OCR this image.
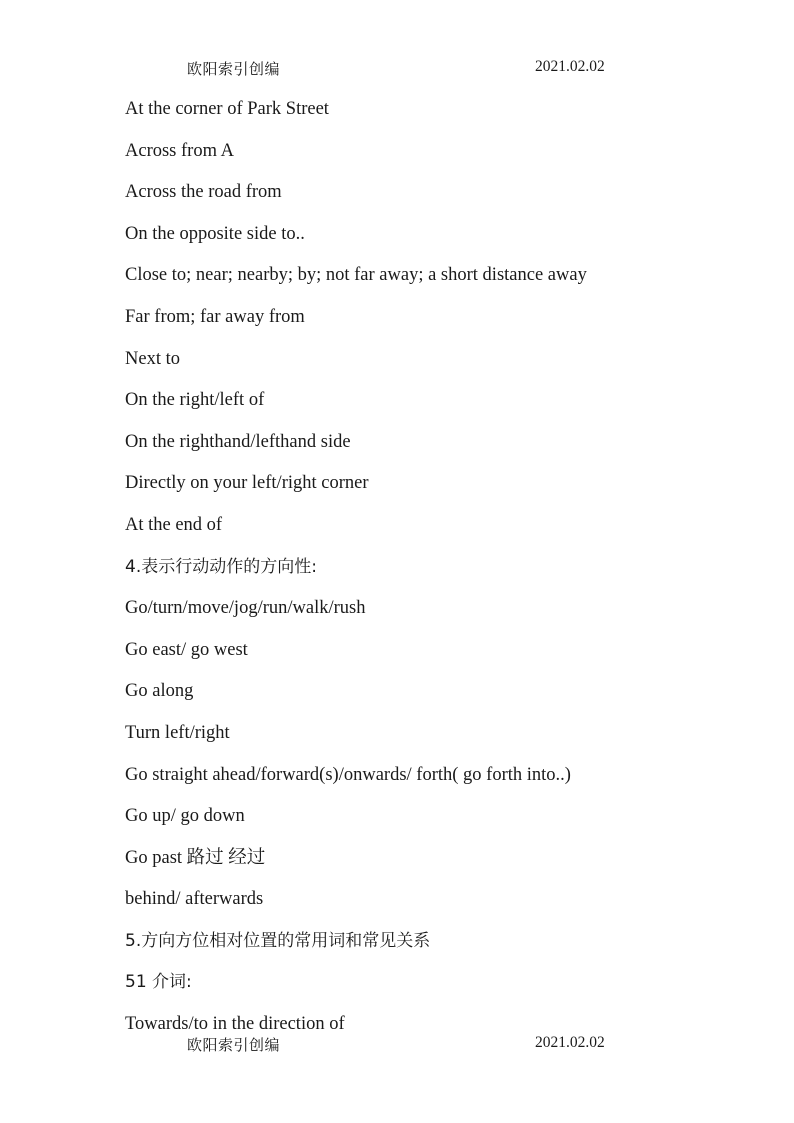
欧阳索引创编	2021.02.02
At the corner of Park Street
Across from A
Across the road from
On the opposite side to..
Close to; near; nearby; by; not far away; a short distance away
Far from; far away from
Next to
On the right/left of
On the righthand/lefthand side
Directly on your left/right corner
At the end of
4.表示行动动作的方向性:
Go/turn/move/jog/run/walk/rush
Go east/ go west
Go along
Turn left/right
Go straight ahead/forward(s)/onwards/ forth( go forth into..)
Go up/ go down
Go past 路过 经过
behind/ afterwards
5.方向方位相对位置的常用词和常见关系
51 介词:
Towards/to in the direction of
欧阳索引创编	2021.02.02
